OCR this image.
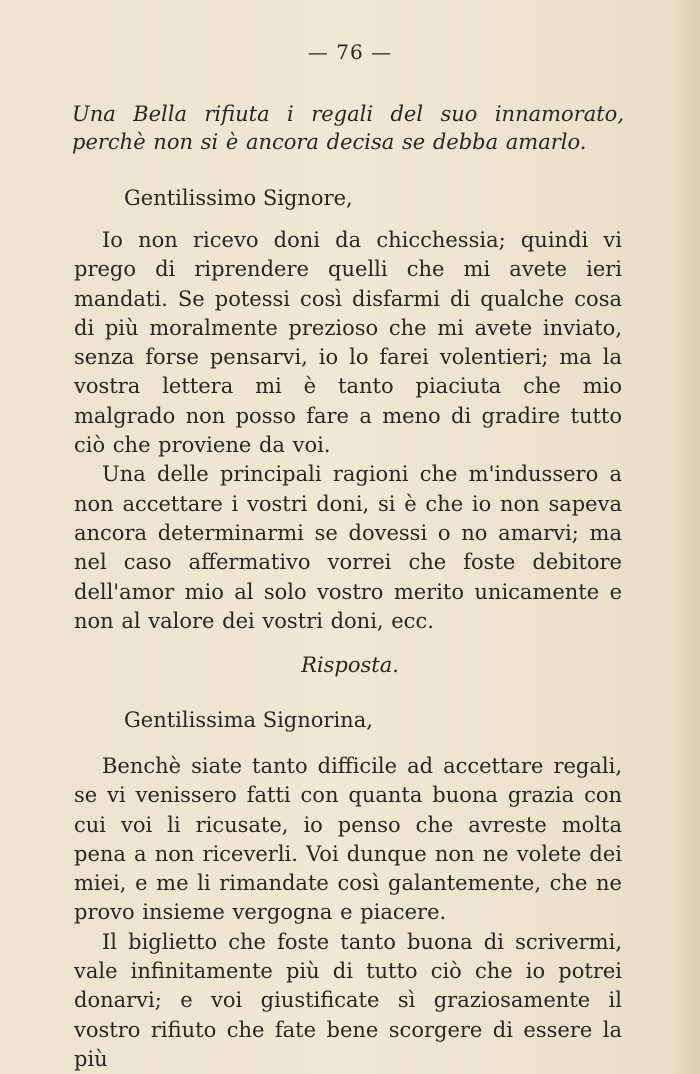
— 76 —
Una Bella rifiuta i regali del suo innamorato, perchè non si è ancora decisa se debba amarlo.
Gentilissimo Signore,

Io non ricevo doni da chicchessia; quindi vi prego di riprendere quelli che mi avete ieri mandati. Se potessi così disfarmi di qualche cosa di più moralmente prezioso che mi avete inviato, senza forse pensarvi, io lo farei volentieri; ma la vostra lettera mi è tanto piaciuta che mio malgrado non posso fare a meno di gradire tutto ciò che proviene da voi.

Una delle principali ragioni che m'indussero a non accettare i vostri doni, si è che io non sapeva ancora determinarmi se dovessi o no amarvi; ma nel caso affermativo vorrei che foste debitore dell'amor mio al solo vostro merito unicamente e non al valore dei vostri doni, ecc.

Risposta.
Gentilissima Signorina,

Benchè siate tanto difficile ad accettare regali, se vi venissero fatti con quanta buona grazia con cui voi li ricusate, io penso che avreste molta pena a non riceverli. Voi dunque non ne volete dei miei, e me li rimandate così galantemente, che ne provo insieme vergogna e piacere.

Il biglietto che foste tanto buona di scrivermi, vale infinitamente più di tutto ciò che io potrei donarvi; e voi giustificate sì graziosamente il vostro rifiuto che fate bene scorgere di essere la più
